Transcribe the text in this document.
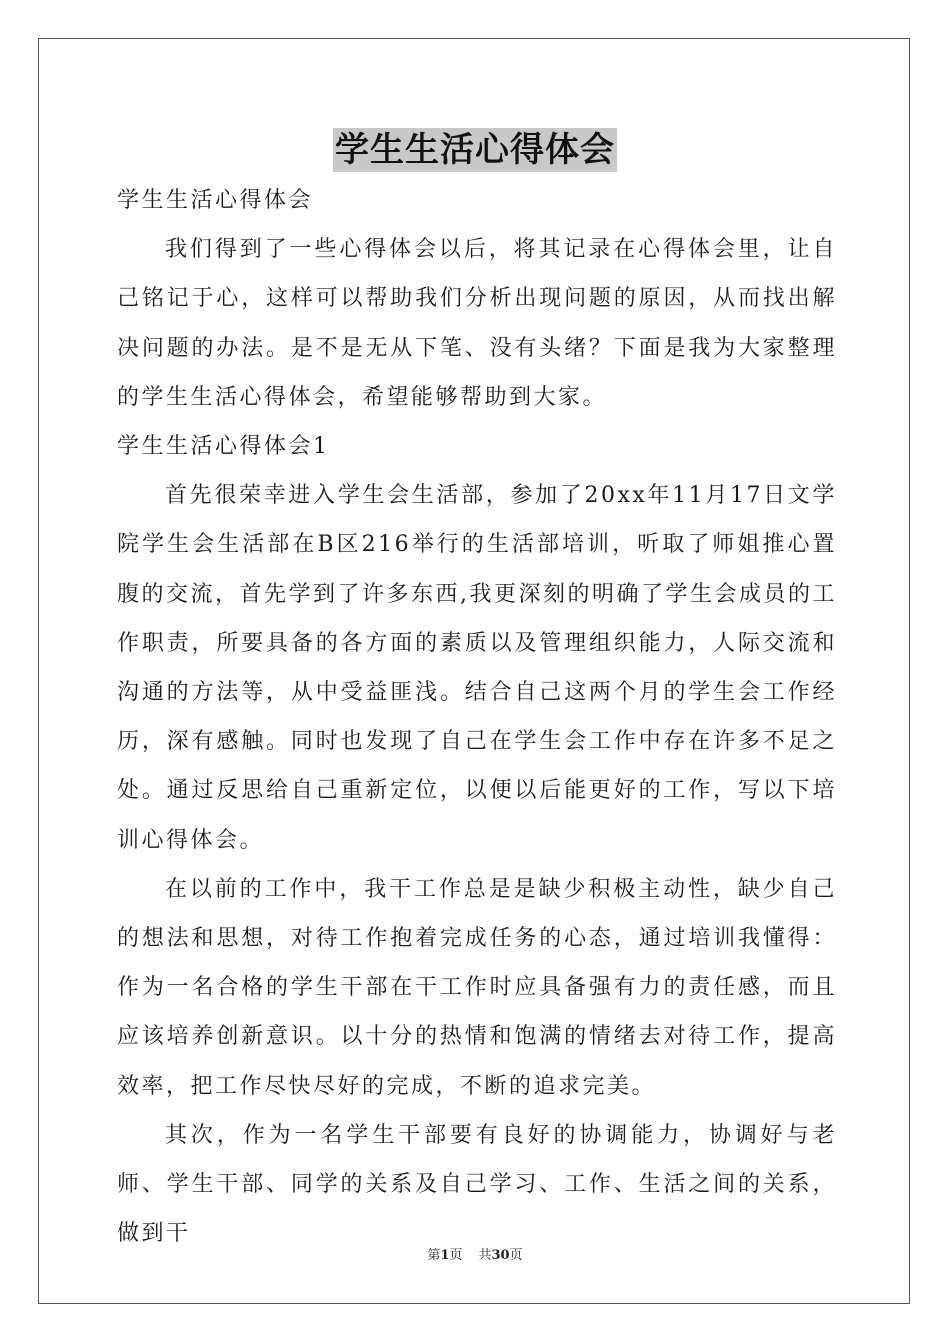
学生生活心得体会

学生生活心得体会

我们得到了一些心得体会以后，将其记录在心得体会里，让自己铭记于心，这样可以帮助我们分析出现问题的原因，从而找出解决问题的办法。是不是无从下笔、没有头绪？下面是我为大家整理的学生生活心得体会，希望能够帮助到大家。

学生生活心得体会1

首先很荣幸进入学生会生活部，参加了20xx年11月17日文学院学生会生活部在B区216举行的生活部培训，听取了师姐推心置腹的交流，首先学到了许多东西,我更深刻的明确了学生会成员的工作职责，所要具备的各方面的素质以及管理组织能力，人际交流和沟通的方法等，从中受益匪浅。结合自己这两个月的学生会工作经历，深有感触。同时也发现了自己在学生会工作中存在许多不足之处。通过反思给自己重新定位，以便以后能更好的工作，写以下培训心得体会。

在以前的工作中，我干工作总是是缺少积极主动性，缺少自己的想法和思想，对待工作抱着完成任务的心态，通过培训我懂得：作为一名合格的学生干部在干工作时应具备强有力的责任感，而且应该培养创新意识。以十分的热情和饱满的情绪去对待工作，提高效率，把工作尽快尽好的完成，不断的追求完美。

其次，作为一名学生干部要有良好的协调能力，协调好与老师、学生干部、同学的关系及自己学习、工作、生活之间的关系，做到干

第1页 共30页
